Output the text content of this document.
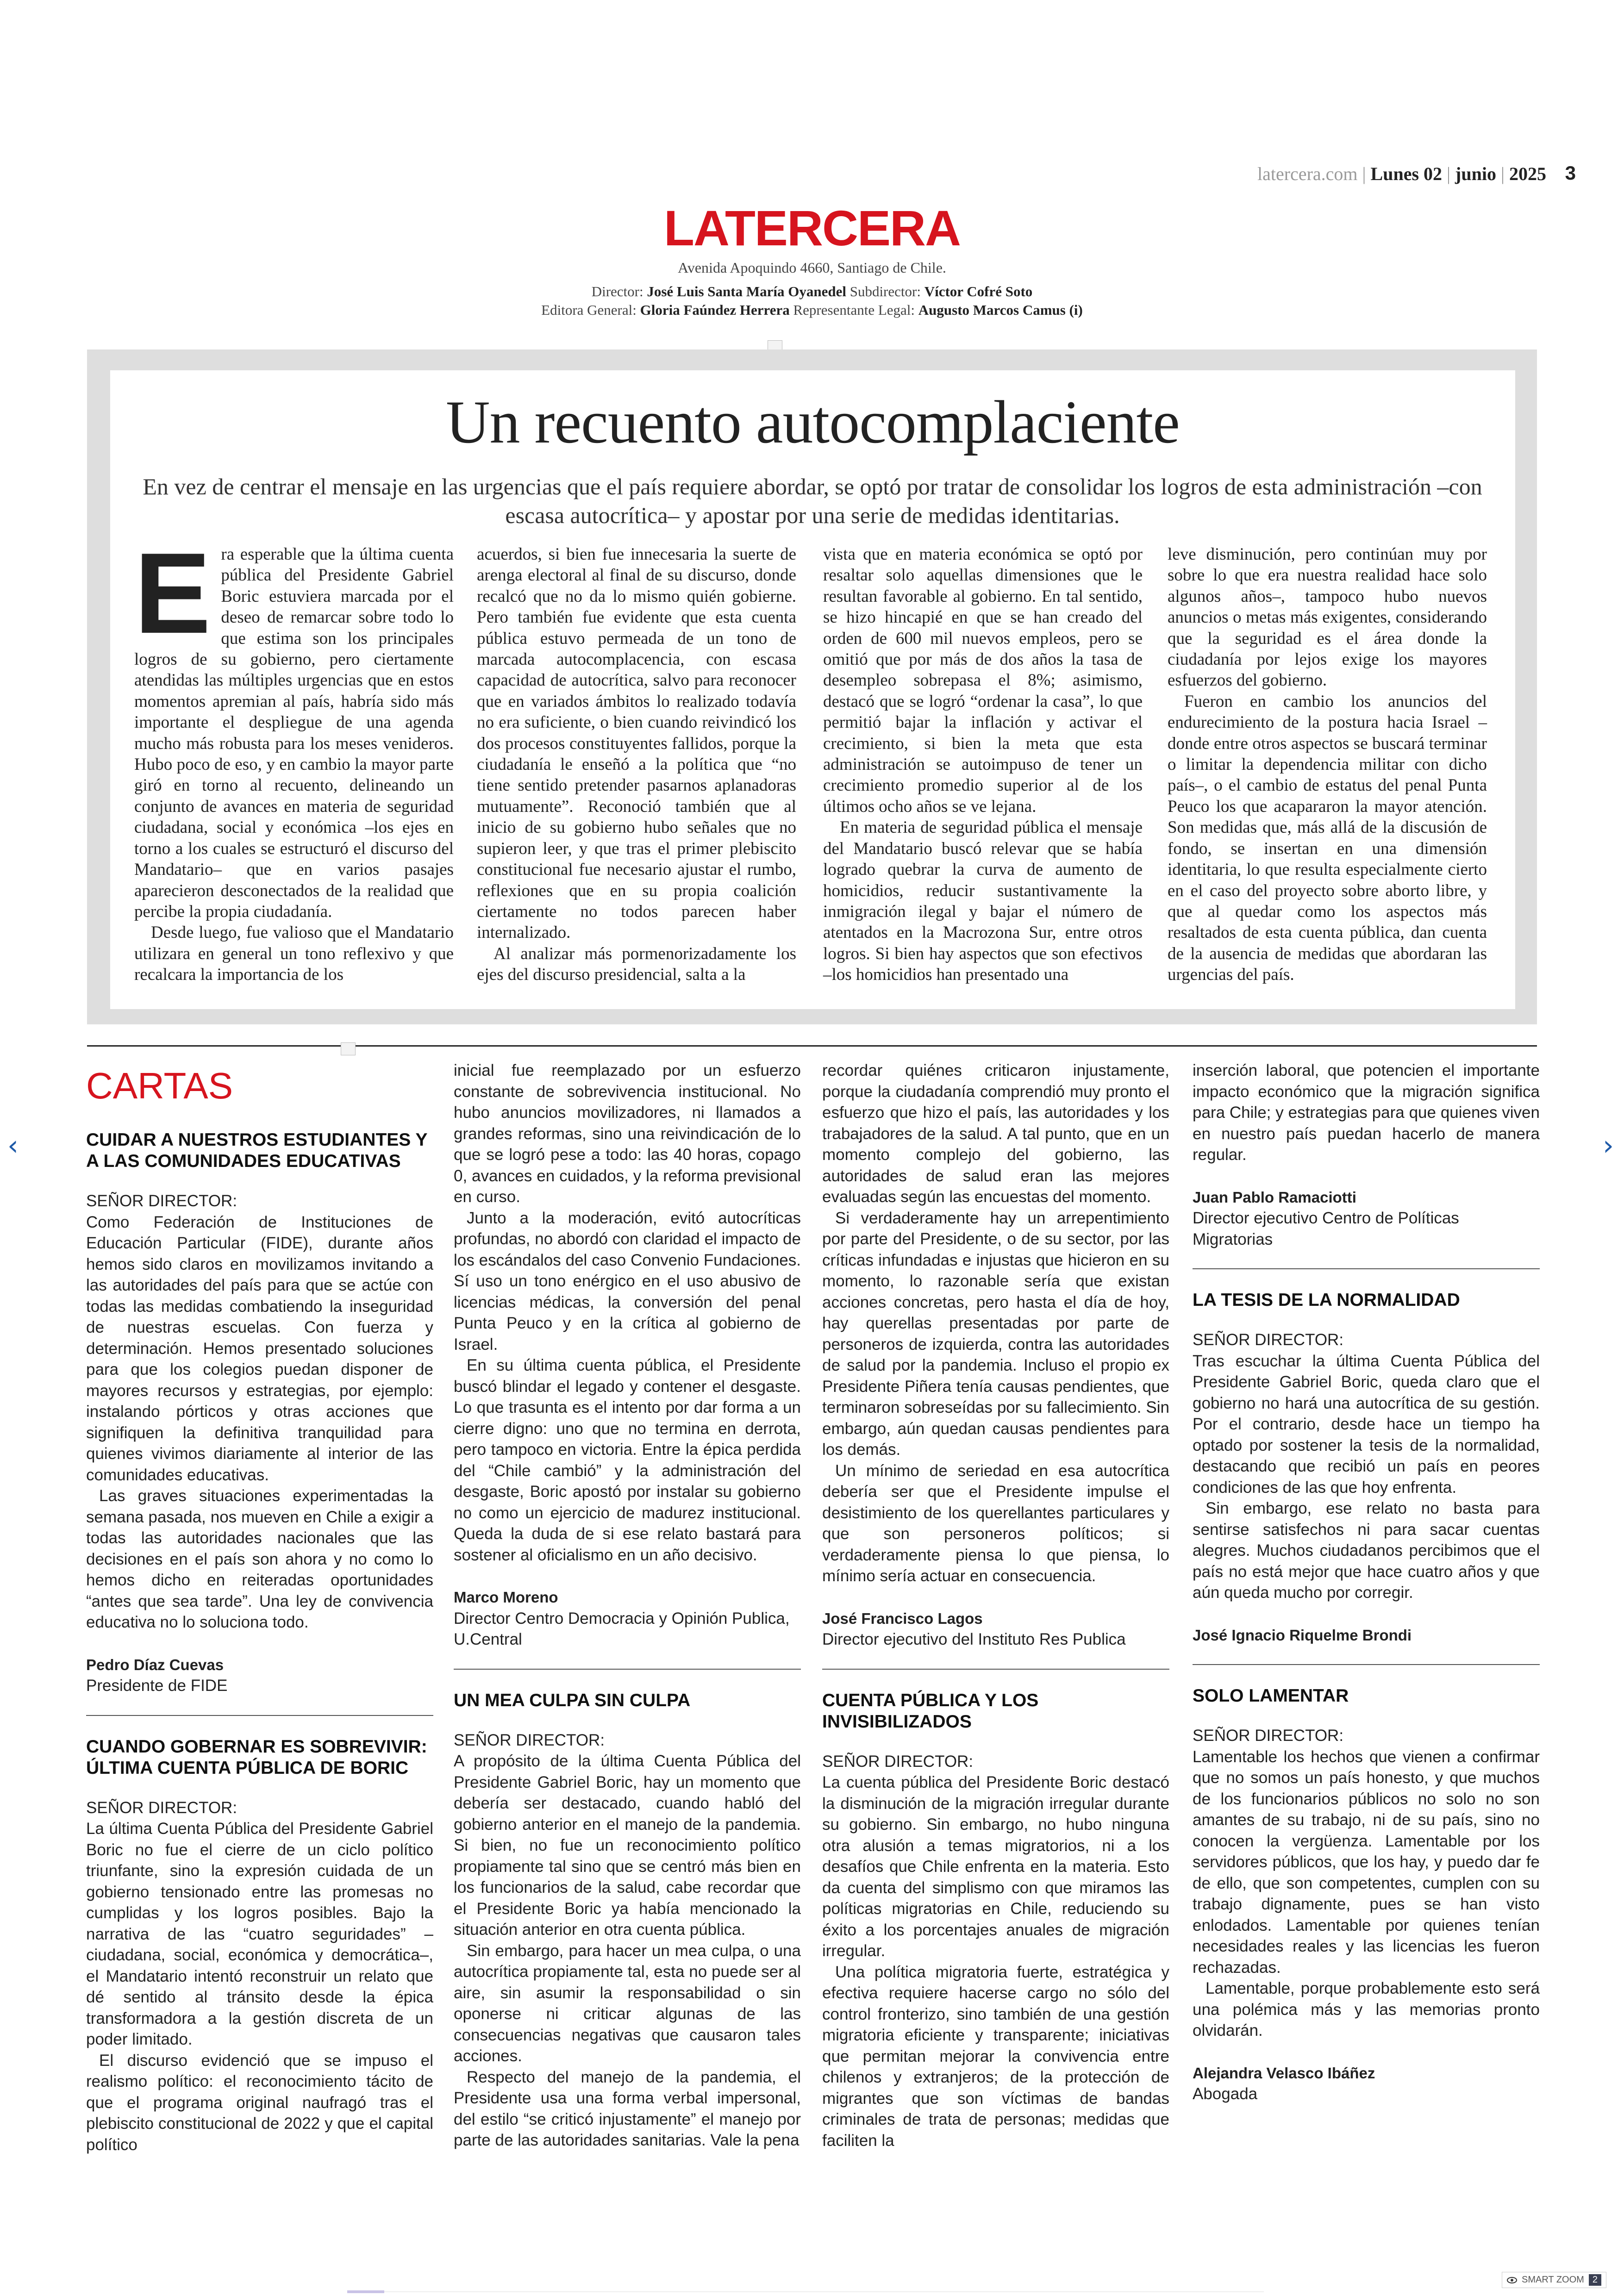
latercera.com | Lunes 02 | junio | 2025 3
LATERCERA
Avenida Apoquindo 4660, Santiago de Chile.
Director: José Luis Santa María Oyanedel Subdirector: Víctor Cofré Soto
Editora General: Gloria Faúndez Herrera Representante Legal: Augusto Marcos Camus (i)
Un recuento autocomplaciente
En vez de centrar el mensaje en las urgencias que el país requiere abordar, se optó por tratar de consolidar los logros de esta administración –con escasa autocrítica– y apostar por una serie de medidas identitarias.
E ra esperable que la última cuenta pública del Presidente Gabriel Boric estuviera marcada por el deseo de remarcar sobre todo lo que estima son los principales logros de su gobierno, pero ciertamente atendidas las múltiples urgencias que en estos momentos apremian al país, habría sido más importante el despliegue de una agenda mucho más robusta para los meses venideros. Hubo poco de eso, y en cambio la mayor parte giró en torno al recuento, delineando un conjunto de avances en materia de seguridad ciudadana, social y económica –los ejes en torno a los cuales se estructuró el discurso del Mandatario– que en varios pasajes aparecieron desconectados de la realidad que percibe la propia ciudadanía.

Desde luego, fue valioso que el Mandatario utilizara en general un tono reflexivo y que recalcara la importancia de los

acuerdos, si bien fue innecesaria la suerte de arenga electoral al final de su discurso, donde recalcó que no da lo mismo quién gobierne. Pero también fue evidente que esta cuenta pública estuvo permeada de un tono de marcada autocomplacencia, con escasa capacidad de autocrítica, salvo para reconocer que en variados ámbitos lo realizado todavía no era suficiente, o bien cuando reivindicó los dos procesos constituyentes fallidos, porque la ciudadanía le enseñó a la política que “no tiene sentido pretender pasarnos aplanadoras mutuamente”. Reconoció también que al inicio de su gobierno hubo señales que no supieron leer, y que tras el primer plebiscito constitucional fue necesario ajustar el rumbo, reflexiones que en su propia coalición ciertamente no todos parecen haber internalizado.

Al analizar más pormenorizadamente los ejes del discurso presidencial, salta a la

vista que en materia económica se optó por resaltar solo aquellas dimensiones que le resultan favorable al gobierno. En tal sentido, se hizo hincapié en que se han creado del orden de 600 mil nuevos empleos, pero se omitió que por más de dos años la tasa de desempleo sobrepasa el 8%; asimismo, destacó que se logró “ordenar la casa”, lo que permitió bajar la inflación y activar el crecimiento, si bien la meta que esta administración se autoimpuso de tener un crecimiento promedio superior al de los últimos ocho años se ve lejana.

En materia de seguridad pública el mensaje del Mandatario buscó relevar que se había logrado quebrar la curva de aumento de homicidios, reducir sustantivamente la inmigración ilegal y bajar el número de atentados en la Macrozona Sur, entre otros logros. Si bien hay aspectos que son efectivos –los homicidios han presentado una

leve disminución, pero continúan muy por sobre lo que era nuestra realidad hace solo algunos años–, tampoco hubo nuevos anuncios o metas más exigentes, considerando que la seguridad es el área donde la ciudadanía por lejos exige los mayores esfuerzos del gobierno.

Fueron en cambio los anuncios del endurecimiento de la postura hacia Israel –donde entre otros aspectos se buscará terminar o limitar la dependencia militar con dicho país–, o el cambio de estatus del penal Punta Peuco los que acapararon la mayor atención. Son medidas que, más allá de la discusión de fondo, se insertan en una dimensión identitaria, lo que resulta especialmente cierto en el caso del proyecto sobre aborto libre, y que al quedar como los aspectos más resaltados de esta cuenta pública, dan cuenta de la ausencia de medidas que abordaran las urgencias del país.

CARTAS
CUIDAR A NUESTROS ESTUDIANTES Y A LAS COMUNIDADES EDUCATIVAS
SEÑOR DIRECTOR:

Como Federación de Instituciones de Educación Particular (FIDE), durante años hemos sido claros en movilizamos invitando a las autoridades del país para que se actúe con todas las medidas combatiendo la inseguridad de nuestras escuelas. Con fuerza y determinación. Hemos presentado soluciones para que los colegios puedan disponer de mayores recursos y estrategias, por ejemplo: instalando pórticos y otras acciones que signifiquen la definitiva tranquilidad para quienes vivimos diariamente al interior de las comunidades educativas.

Las graves situaciones experimentadas la semana pasada, nos mueven en Chile a exigir a todas las autoridades nacionales que las decisiones en el país son ahora y no como lo hemos dicho en reiteradas oportunidades “antes que sea tarde”. Una ley de convivencia educativa no lo soluciona todo.

Pedro Díaz Cuevas
Presidente de FIDE
CUANDO GOBERNAR ES SOBREVIVIR: ÚLTIMA CUENTA PÚBLICA DE BORIC
SEÑOR DIRECTOR:

La última Cuenta Pública del Presidente Gabriel Boric no fue el cierre de un ciclo político triunfante, sino la expresión cuidada de un gobierno tensionado entre las promesas no cumplidas y los logros posibles. Bajo la narrativa de las “cuatro seguridades” –ciudadana, social, económica y democrática–, el Mandatario intentó reconstruir un relato que dé sentido al tránsito desde la épica transformadora a la gestión discreta de un poder limitado.

El discurso evidenció que se impuso el realismo político: el reconocimiento tácito de que el programa original naufragó tras el plebiscito constitucional de 2022 y que el capital político

inicial fue reemplazado por un esfuerzo constante de sobrevivencia institucional. No hubo anuncios movilizadores, ni llamados a grandes reformas, sino una reivindicación de lo que se logró pese a todo: las 40 horas, copago 0, avances en cuidados, y la reforma previsional en curso.

Junto a la moderación, evitó autocríticas profundas, no abordó con claridad el impacto de los escándalos del caso Convenio Fundaciones. Sí uso un tono enérgico en el uso abusivo de licencias médicas, la conversión del penal Punta Peuco y en la crítica al gobierno de Israel.

En su última cuenta pública, el Presidente buscó blindar el legado y contener el desgaste. Lo que trasunta es el intento por dar forma a un cierre digno: uno que no termina en derrota, pero tampoco en victoria. Entre la épica perdida del “Chile cambió” y la administración del desgaste, Boric apostó por instalar su gobierno no como un ejercicio de madurez institucional. Queda la duda de si ese relato bastará para sostener al oficialismo en un año decisivo.

Marco Moreno
Director Centro Democracia y Opinión Publica, U.Central
UN MEA CULPA SIN CULPA
SEÑOR DIRECTOR:

A propósito de la última Cuenta Pública del Presidente Gabriel Boric, hay un momento que debería ser destacado, cuando habló del gobierno anterior en el manejo de la pandemia. Si bien, no fue un reconocimiento político propiamente tal sino que se centró más bien en los funcionarios de la salud, cabe recordar que el Presidente Boric ya había mencionado la situación anterior en otra cuenta pública.

Sin embargo, para hacer un mea culpa, o una autocrítica propiamente tal, esta no puede ser al aire, sin asumir la responsabilidad o sin oponerse ni criticar algunas de las consecuencias negativas que causaron tales acciones.

Respecto del manejo de la pandemia, el Presidente usa una forma verbal impersonal, del estilo “se criticó injustamente” el manejo por parte de las autoridades sanitarias. Vale la pena

recordar quiénes criticaron injustamente, porque la ciudadanía comprendió muy pronto el esfuerzo que hizo el país, las autoridades y los trabajadores de la salud. A tal punto, que en un momento complejo del gobierno, las autoridades de salud eran las mejores evaluadas según las encuestas del momento.

Si verdaderamente hay un arrepentimiento por parte del Presidente, o de su sector, por las críticas infundadas e injustas que hicieron en su momento, lo razonable sería que existan acciones concretas, pero hasta el día de hoy, hay querellas presentadas por parte de personeros de izquierda, contra las autoridades de salud por la pandemia. Incluso el propio ex Presidente Piñera tenía causas pendientes, que terminaron sobreseídas por su fallecimiento. Sin embargo, aún quedan causas pendientes para los demás.

Un mínimo de seriedad en esa autocrítica debería ser que el Presidente impulse el desistimiento de los querellantes particulares y que son personeros políticos; si verdaderamente piensa lo que piensa, lo mínimo sería actuar en consecuencia.

José Francisco Lagos
Director ejecutivo del Instituto Res Publica
CUENTA PÚBLICA Y LOS INVISIBILIZADOS
SEÑOR DIRECTOR:

La cuenta pública del Presidente Boric destacó la disminución de la migración irregular durante su gobierno. Sin embargo, no hubo ninguna otra alusión a temas migratorios, ni a los desafíos que Chile enfrenta en la materia. Esto da cuenta del simplismo con que miramos las políticas migratorias en Chile, reduciendo su éxito a los porcentajes anuales de migración irregular.

Una política migratoria fuerte, estratégica y efectiva requiere hacerse cargo no sólo del control fronterizo, sino también de una gestión migratoria eficiente y transparente; iniciativas que permitan mejorar la convivencia entre chilenos y extranjeros; de la protección de migrantes que son víctimas de bandas criminales de trata de personas; medidas que faciliten la

inserción laboral, que potencien el importante impacto económico que la migración significa para Chile; y estrategias para que quienes viven en nuestro país puedan hacerlo de manera regular.

Juan Pablo Ramaciotti
Director ejecutivo Centro de Políticas Migratorias
LA TESIS DE LA NORMALIDAD
SEÑOR DIRECTOR:

Tras escuchar la última Cuenta Pública del Presidente Gabriel Boric, queda claro que el gobierno no hará una autocrítica de su gestión. Por el contrario, desde hace un tiempo ha optado por sostener la tesis de la normalidad, destacando que recibió un país en peores condiciones de las que hoy enfrenta.

Sin embargo, ese relato no basta para sentirse satisfechos ni para sacar cuentas alegres. Muchos ciudadanos percibimos que el país no está mejor que hace cuatro años y que aún queda mucho por corregir.

José Ignacio Riquelme Brondi
SOLO LAMENTAR
SEÑOR DIRECTOR:

Lamentable los hechos que vienen a confirmar que no somos un país honesto, y que muchos de los funcionarios públicos no solo no son amantes de su trabajo, ni de su país, sino no conocen la vergüenza. Lamentable por los servidores públicos, que los hay, y puedo dar fe de ello, que son competentes, cumplen con su trabajo dignamente, pues se han visto enlodados. Lamentable por quienes tenían necesidades reales y las licencias les fueron rechazadas.

Lamentable, porque probablemente esto será una polémica más y las memorias pronto olvidarán.

Alejandra Velasco Ibáñez
Abogada
‹	›
SMART ZOOM 2
